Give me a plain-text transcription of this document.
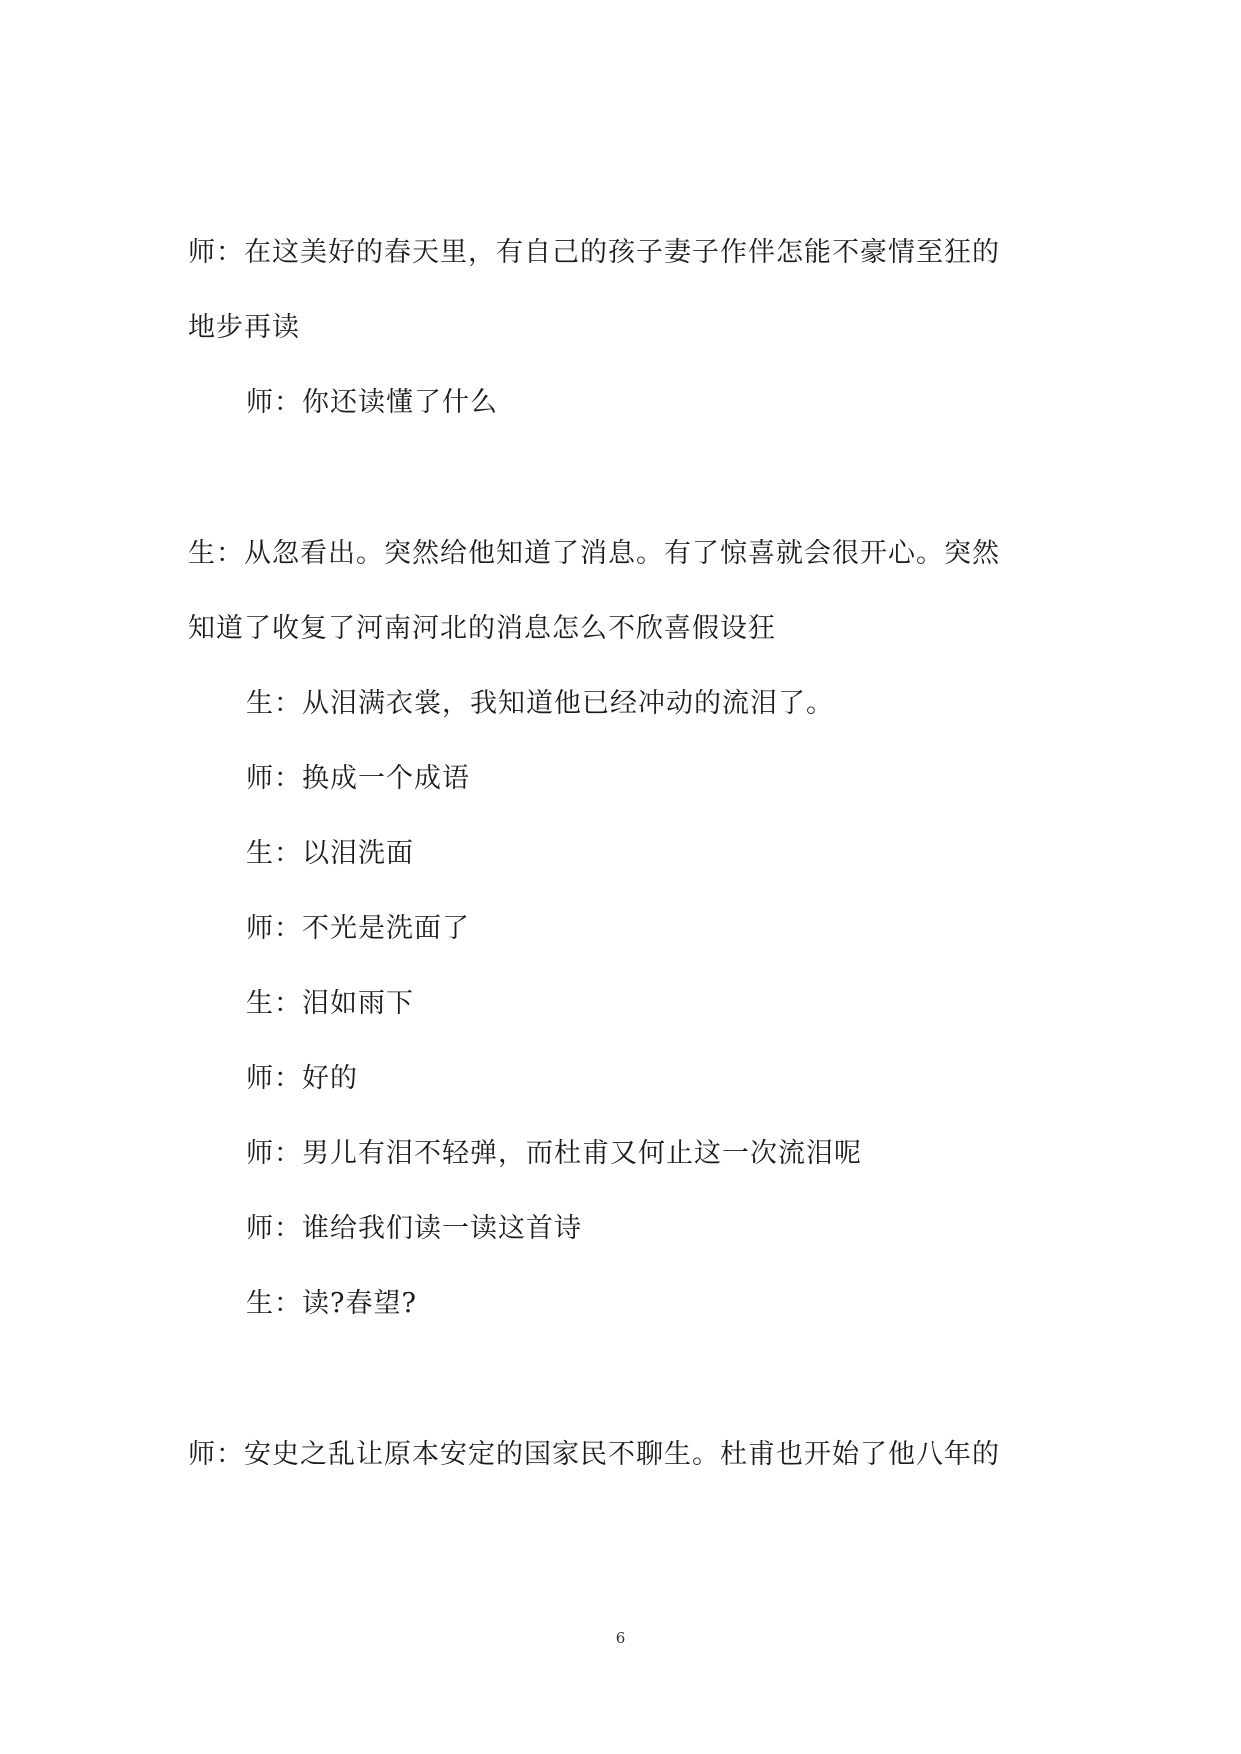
师：在这美好的春天里，有自己的孩子妻子作伴怎能不豪情至狂的
地步再读
师：你还读懂了什么
生：从忽看出。突然给他知道了消息。有了惊喜就会很开心。突然
知道了收复了河南河北的消息怎么不欣喜假设狂
生：从泪满衣裳，我知道他已经冲动的流泪了。
师：换成一个成语
生：以泪洗面
师：不光是洗面了
生：泪如雨下
师：好的
师：男儿有泪不轻弹，而杜甫又何止这一次流泪呢
师：谁给我们读一读这首诗
生：读?春望?
师：安史之乱让原本安定的国家民不聊生。杜甫也开始了他八年的
6
